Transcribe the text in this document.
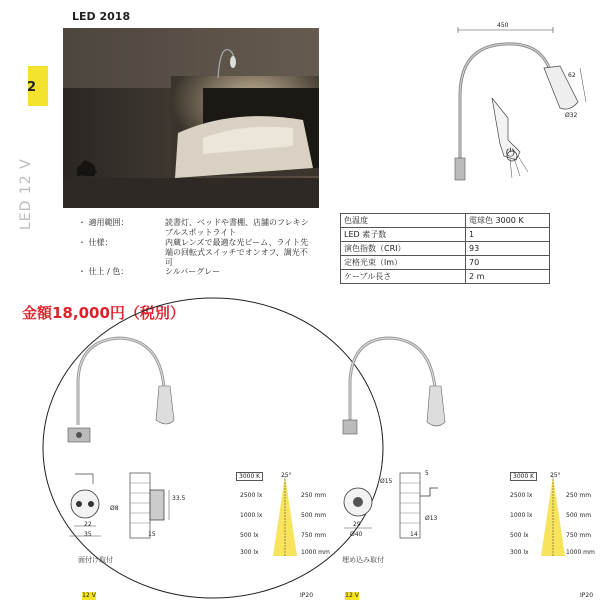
LED 2018
2
LED 12 V
450
62
Ø32
⏻
・ 適用範囲：	読書灯、ベッドや書棚、店舗のフレキシブルスポットライト
・ 仕様：	内蔵レンズで最適な光ビーム、ライト先端の回転式スイッチでオンオフ、調光不可
・ 仕上 / 色：	シルバーグレー
色温度	電球色 3000 K
LED 素子数	1
演色指数（CRI）	93
定格光束（lm）	70
ケーブル長さ	2 m
金額18,000円（税別）
22
35
Ø8
15
33.5
面付け取付
Ø15
29
Ø40	14
5
Ø13
埋め込み取付
3000 K	25°
2500 lx
1000 lx
500 lx
300 lx
250 mm
500 mm
750 mm
1000 mm
3000 K	25°
2500 lx
1000 lx
500 lx
300 lx
250 mm
500 mm
750 mm
1000 mm
12 V	12 V
IP20	IP20
